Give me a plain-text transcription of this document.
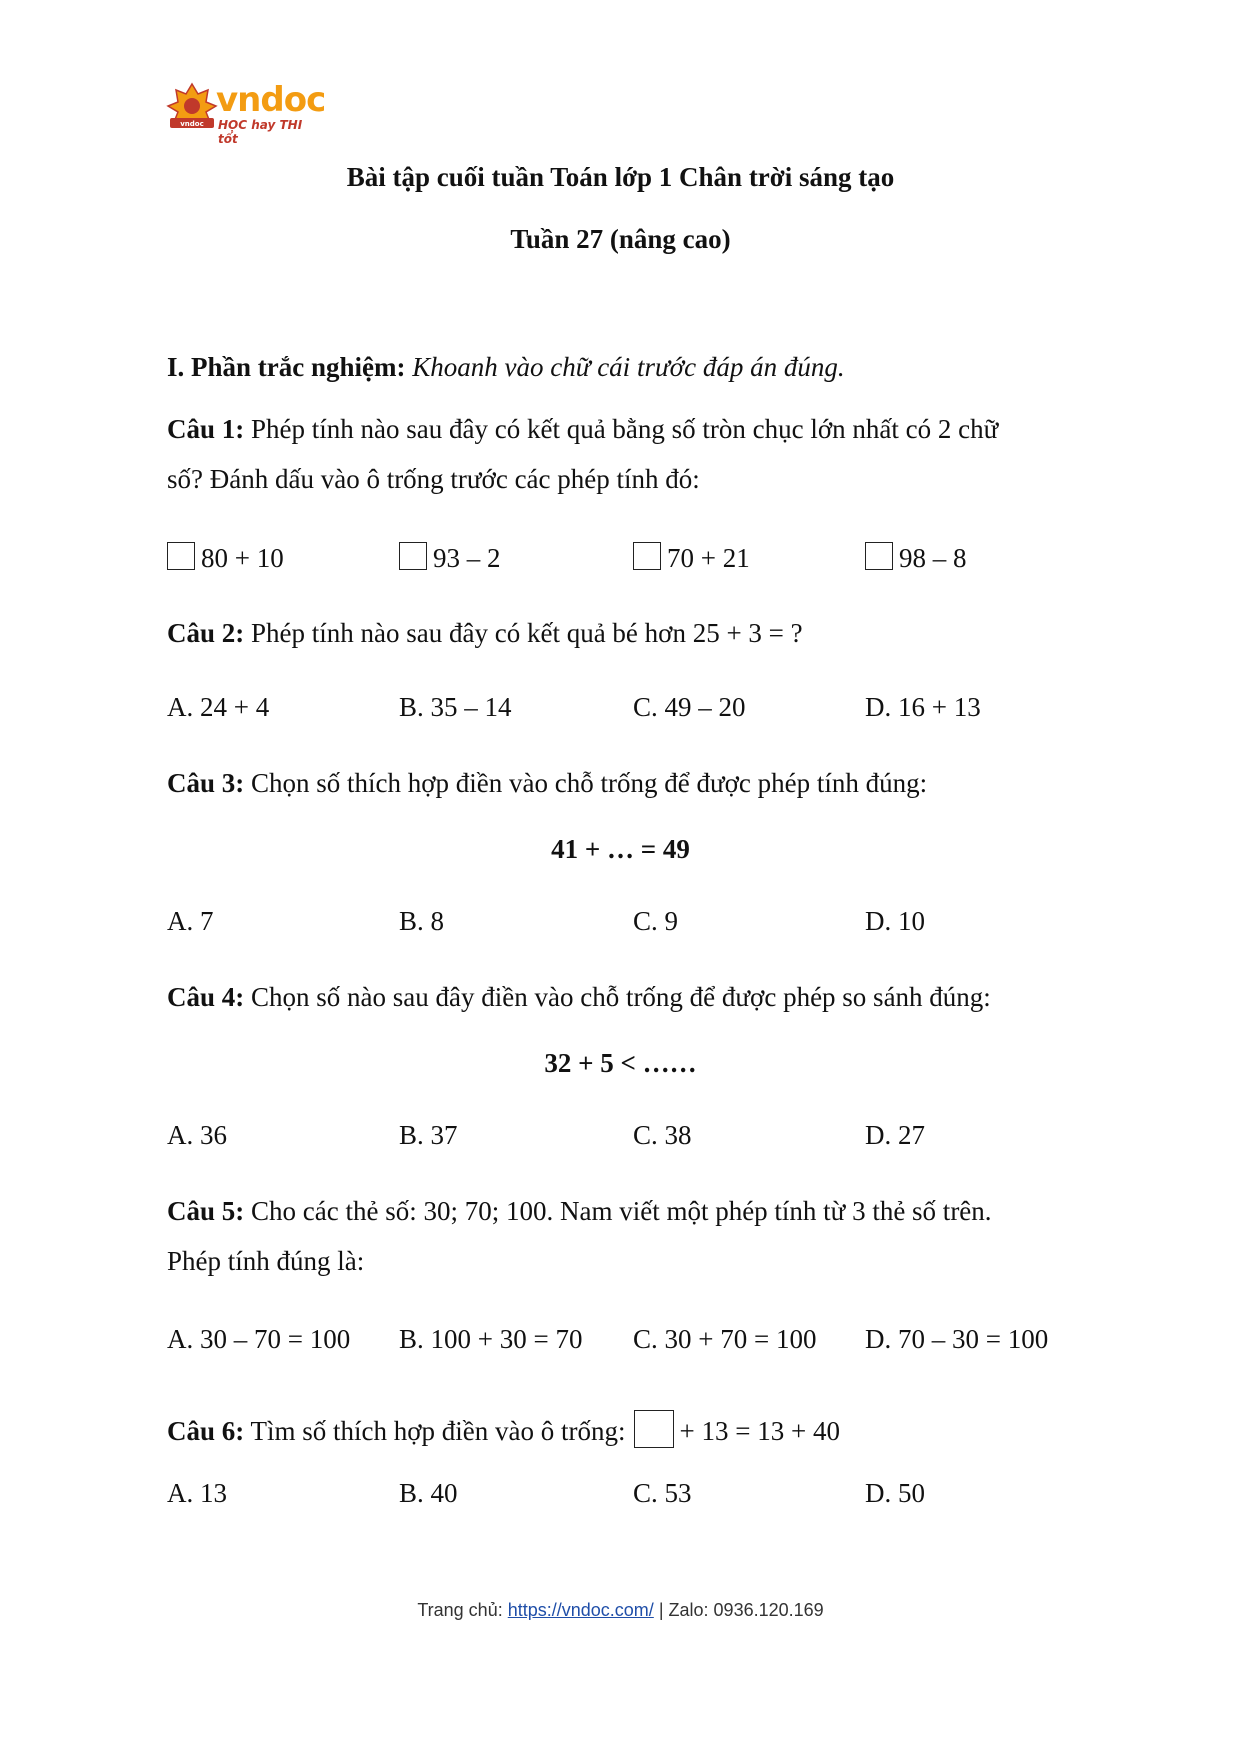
vndoc
vndoc
HỌC hay THI tốt
Bài tập cuối tuần Toán lớp 1 Chân trời sáng tạo
Tuần 27 (nâng cao)
I. Phần trắc nghiệm: Khoanh vào chữ cái trước đáp án đúng.
Câu 1: Phép tính nào sau đây có kết quả bằng số tròn chục lớn nhất có 2 chữ
số? Đánh dấu vào ô trống trước các phép tính đó:
80 + 10	93 – 2	70 + 21	98 – 8
Câu 2: Phép tính nào sau đây có kết quả bé hơn 25 + 3 = ?
A. 24 + 4	B. 35 – 14	C. 49 – 20	D. 16 + 13
Câu 3: Chọn số thích hợp điền vào chỗ trống để được phép tính đúng:
41 + … = 49
A. 7	B. 8	C. 9	D. 10
Câu 4: Chọn số nào sau đây điền vào chỗ trống để được phép so sánh đúng:
32 + 5 < ……
A. 36	B. 37	C. 38	D. 27
Câu 5: Cho các thẻ số: 30; 70; 100. Nam viết một phép tính từ 3 thẻ số trên.
Phép tính đúng là:
A. 30 – 70 = 100 B. 100 + 30 = 70 C. 30 + 70 = 100 D. 70 – 30 = 100
Câu 6: Tìm số thích hợp điền vào ô trống: + 13 = 13 + 40
A. 13	B. 40	C. 53	D. 50
Trang chủ: https://vndoc.com/ | Zalo: 0936.120.169
